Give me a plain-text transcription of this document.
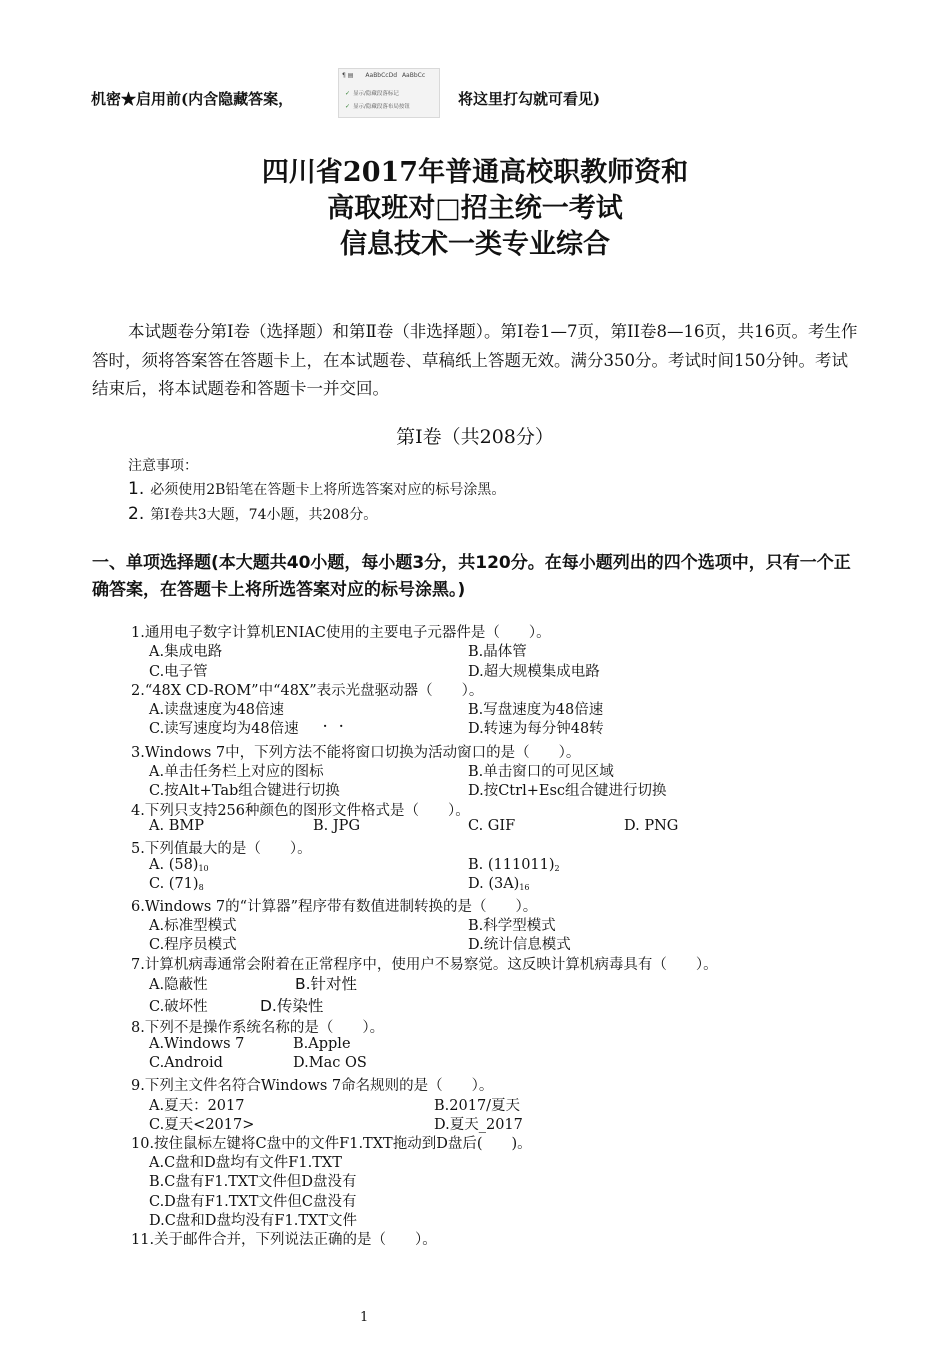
机密★启用前(内含隐藏答案，
¶ ▤ AaBbCcDd AaBbCc
✓ 显示/隐藏段落标记
✓ 显示/隐藏段落布局按钮	将这里打勾就可看见)
四川省2017年普通高校职教师资和
高取班对□招主统一考试
信息技术一类专业综合
本试题卷分第Ⅰ卷（选择题）和第Ⅱ卷（非选择题）。第Ⅰ卷1—7页，第II卷8—16页，共16页。考生作答时，须将答案答在答题卡上，在本试题卷、草稿纸上答题无效。满分350分。考试时间150分钟。考试结束后，将本试题卷和答题卡一并交回。
第Ⅰ卷（共208分）
注意事项：
1. 必须使用2B铅笔在答题卡上将所选答案对应的标号涂黑。
2. 第Ⅰ卷共3大题，74小题，共208分。
一、单项选择题(本大题共40小题，每小题3分，共120分。在每小题列出的四个选项中，只有一个正确答案，在答题卡上将所选答案对应的标号涂黑。)
1.通用电子数字计算机ENIAC使用的主要电子元器件是（　　）。
A.集成电路	B.晶体管
C.电子管	D.超大规模集成电路
2.“48X CD-ROM”中“48X”表示光盘驱动器（　　）。
A.读盘速度为48倍速	B.写盘速度为48倍速
C.读写速度均为48倍速 ·　·	D.转速为每分钟48转
3.Windows 7中，下列方法不能将窗口切换为活动窗口的是（　　）。
A.单击任务栏上对应的图标	B.单击窗口的可见区域
C.按Alt+Tab组合键进行切换	D.按Ctrl+Esc组合键进行切换
4.下列只支持256种颜色的图形文件格式是（　　）。
A. BMP	B. JPG	C. GIF	D. PNG
5.下列值最大的是（　　）。
A. $(58)_{10}$	B. $(111011)_2$
C. $(71)_8$	D. $(3A)_{16}$
6.Windows 7的“计算器”程序带有数值进制转换的是（　　）。
A.标准型模式	B.科学型模式
C.程序员模式	D.统计信息模式
7.计算机病毒通常会附着在正常程序中，使用户不易察觉。这反映计算机病毒具有（　　）。
A.隐蔽性	B.针对性
C.破坏性	D.传染性
8.下列不是操作系统名称的是（　　）。
A.Windows 7	B.Apple
C.Android	D.Mac OS
9.下列主文件名符合Windows 7命名规则的是（　　）。
A.夏天：2017	B.2017/夏天
C.夏天<2017>	D.夏天_2017
10.按住鼠标左键将C盘中的文件F1.TXT拖动到D盘后(　　)。
A.C盘和D盘均有文件F1.TXT
B.C盘有F1.TXT文件但D盘没有
C.D盘有F1.TXT文件但C盘没有
D.C盘和D盘均没有F1.TXT文件
11.关于邮件合并，下列说法正确的是（　　）。
1
